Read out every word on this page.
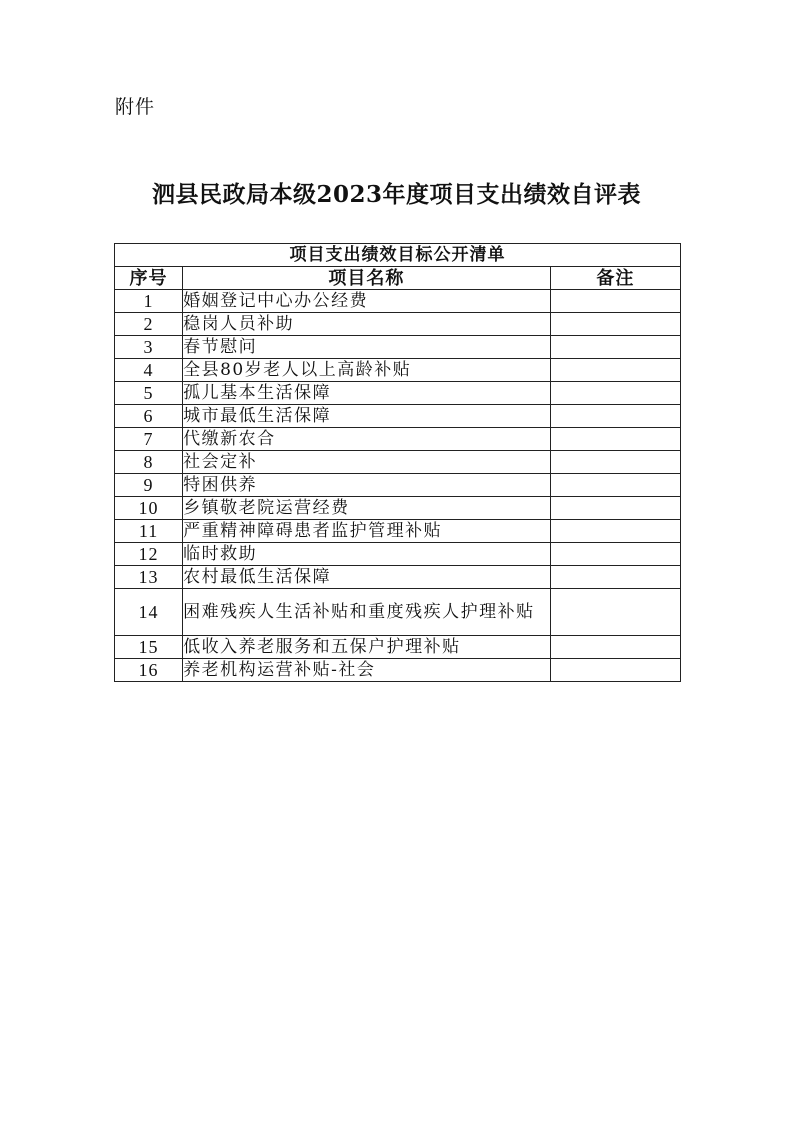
附件
泗县民政局本级2023年度项目支出绩效自评表
项目支出绩效目标公开清单		
序号	项目名称	备注
1	婚姻登记中心办公经费	
2	稳岗人员补助	
3	春节慰问	
4	全县80岁老人以上高龄补贴	
5	孤儿基本生活保障	
6	城市最低生活保障	
7	代缴新农合	
8	社会定补	
9	特困供养	
10	乡镇敬老院运营经费	
11	严重精神障碍患者监护管理补贴	
12	临时救助	
13	农村最低生活保障	
14	困难残疾人生活补贴和重度残疾人护理补贴	
15	低收入养老服务和五保户护理补贴	
16	养老机构运营补贴-社会	
